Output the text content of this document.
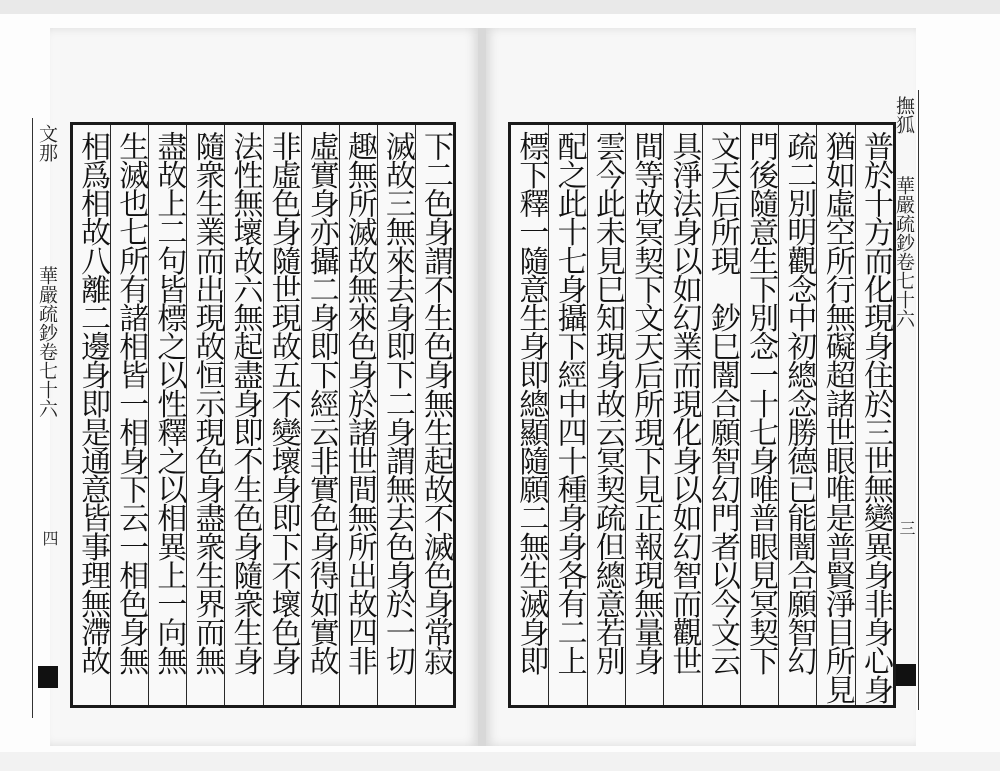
文那
華嚴疏鈔卷七十六
四	下二色身謂不生色身無生起故不滅色身常寂
滅故三無來去身即下二身謂無去色身於一切
趣無所滅故無來色身於諸世間無所出故四非
虛實身亦攝二身即下經云非實色身得如實故
非虛色身隨世現故五不變壞身即下不壞色身
法性無壞故六無起盡身即不生色身隨衆生身
隨衆生業而出現故恒示現色身盡衆生界而無
盡故上二句皆標之以性釋之以相異上一向無
生滅也七所有諸相皆一相身下云一相色身無
相爲相故八離二邊身即是通意皆事理無滯故	普於十方而化現身住於三世無變異身非身心身
猶如虛空所行無礙超諸世眼唯是普賢淨目所見
疏二別明觀念中初總念勝德已能闇合願智幻
門後隨意生下別念一十七身唯普眼見冥契下
文天后所現　鈔巳闇合願智幻門者以今文云
具淨法身以如幻業而現化身以如幻智而觀世
間等故冥契下文天后所現下見正報現無量身
雲今此未見巳知現身故云冥契疏但總意若別
配之此十七身攝下經中四十種身身各有二上
標下釋一隨意生身即總顯隨願二無生滅身即
撫狐
華嚴疏鈔卷七十六
三
